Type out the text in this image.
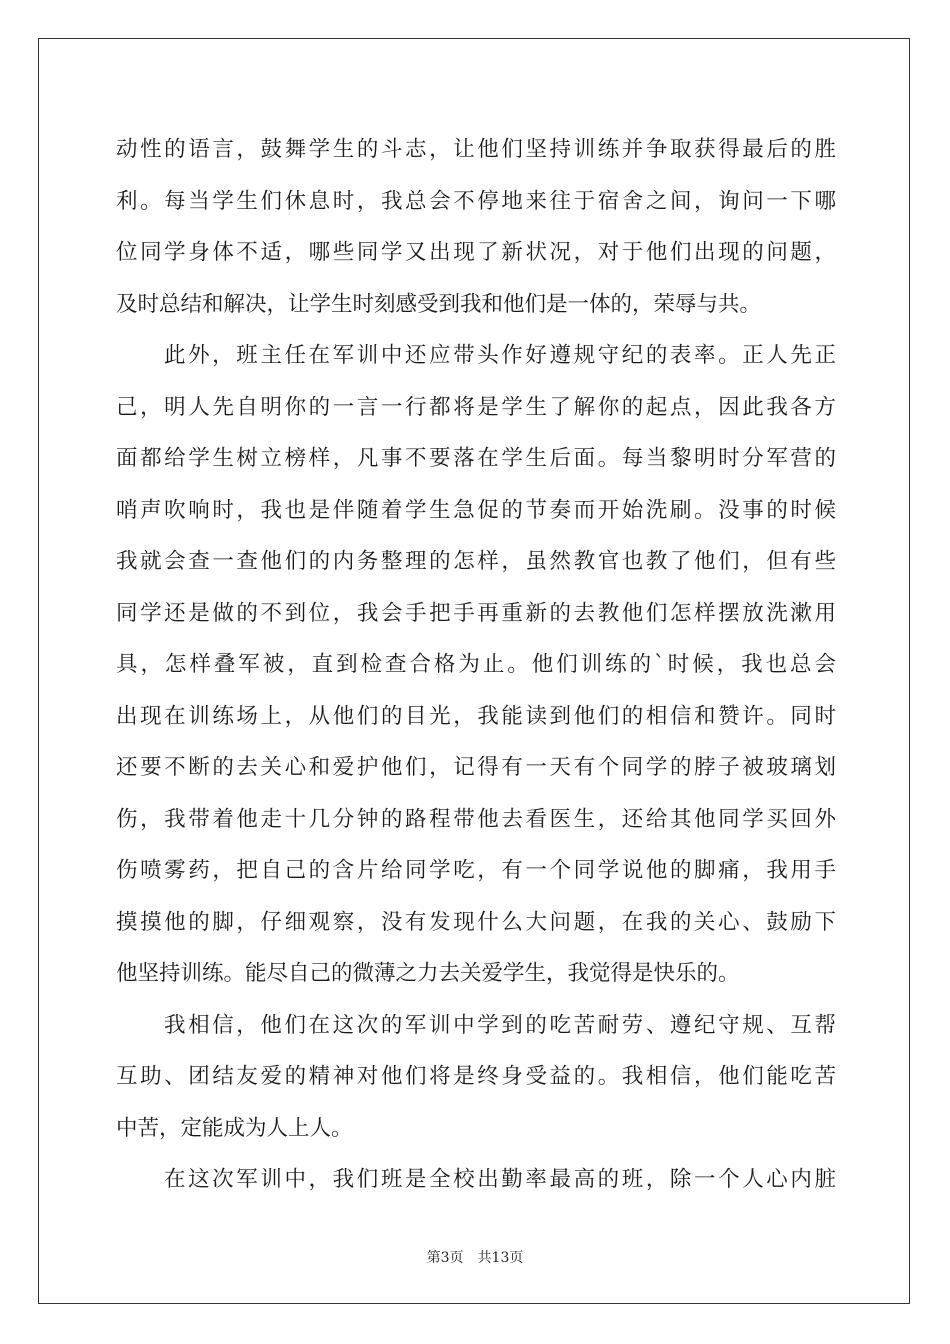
动性的语言，鼓舞学生的斗志，让他们坚持训练并争取获得最后的胜
利。每当学生们休息时，我总会不停地来往于宿舍之间，询问一下哪
位同学身体不适，哪些同学又出现了新状况，对于他们出现的问题，
及时总结和解决，让学生时刻感受到我和他们是一体的，荣辱与共。
此外，班主任在军训中还应带头作好遵规守纪的表率。正人先正
己，明人先自明你的一言一行都将是学生了解你的起点，因此我各方
面都给学生树立榜样，凡事不要落在学生后面。每当黎明时分军营的
哨声吹响时，我也是伴随着学生急促的节奏而开始洗刷。没事的时候
我就会查一查他们的内务整理的怎样，虽然教官也教了他们，但有些
同学还是做的不到位，我会手把手再重新的去教他们怎样摆放洗漱用
具，怎样叠军被，直到检查合格为止。他们训练的`时候，我也总会
出现在训练场上，从他们的目光，我能读到他们的相信和赞许。同时
还要不断的去关心和爱护他们，记得有一天有个同学的脖子被玻璃划
伤，我带着他走十几分钟的路程带他去看医生，还给其他同学买回外
伤喷雾药，把自己的含片给同学吃，有一个同学说他的脚痛，我用手
摸摸他的脚，仔细观察，没有发现什么大问题，在我的关心、鼓励下
他坚持训练。能尽自己的微薄之力去关爱学生，我觉得是快乐的。
我相信，他们在这次的军训中学到的吃苦耐劳、遵纪守规、互帮
互助、团结友爱的精神对他们将是终身受益的。我相信，他们能吃苦
中苦，定能成为人上人。
在这次军训中，我们班是全校出勤率最高的班，除一个人心内脏
第3页 共13页
